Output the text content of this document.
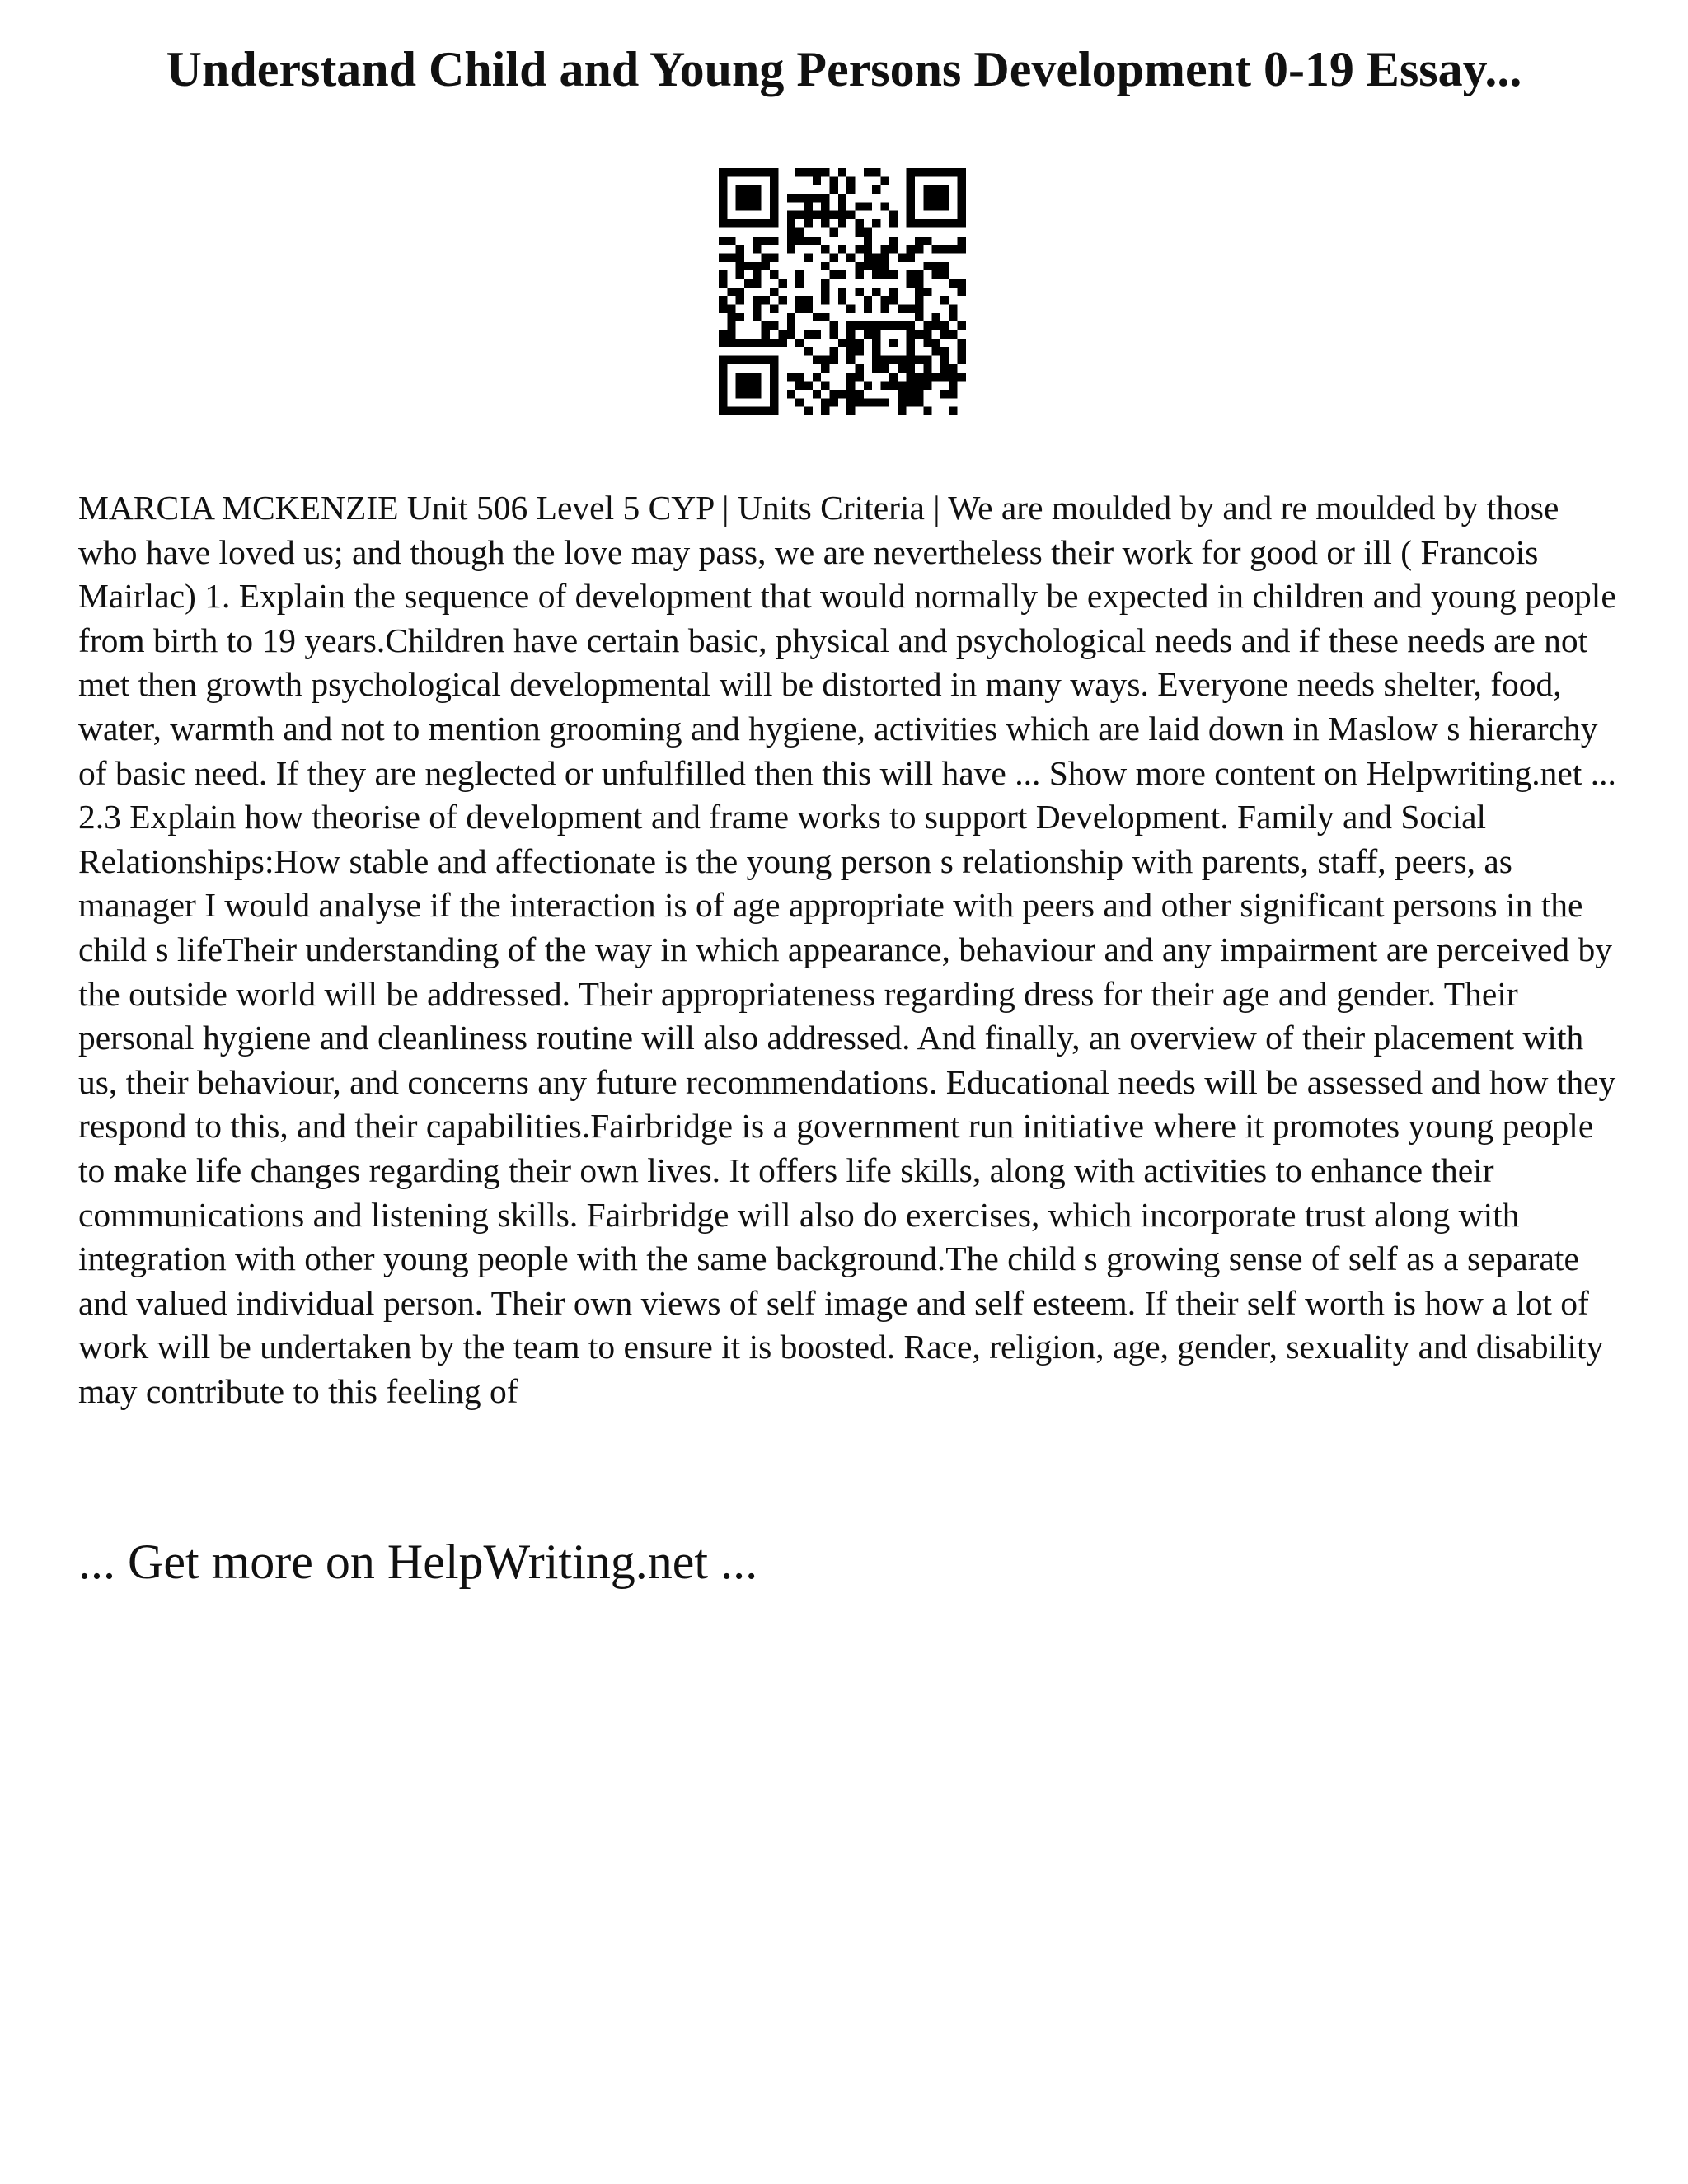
Understand Child and Young Persons Development 0-19 Essay...

MARCIA MCKENZIE Unit 506 Level 5 CYP | Units Criteria | We are moulded by and re moulded by those who have loved us; and though the love may pass, we are nevertheless their work for good or ill ( Francois Mairlac) 1. Explain the sequence of development that would normally be expected in children and young people from birth to 19 years.Children have certain basic, physical and psychological needs and if these needs are not met then growth psychological developmental will be distorted in many ways. Everyone needs shelter, food, water, warmth and not to mention grooming and hygiene, activities which are laid down in Maslow s hierarchy of basic need. If they are neglected or unfulfilled then this will have ... Show more content on Helpwriting.net ...

2.3 Explain how theorise of development and frame works to support Development. Family and Social Relationships:How stable and affectionate is the young person s relationship with parents, staff, peers, as manager I would analyse if the interaction is of age appropriate with peers and other significant persons in the child s lifeTheir understanding of the way in which appearance, behaviour and any impairment are perceived by the outside world will be addressed. Their appropriateness regarding dress for their age and gender. Their personal hygiene and cleanliness routine will also addressed. And finally, an overview of their placement with us, their behaviour, and concerns any future recommendations. Educational needs will be assessed and how they respond to this, and their capabilities.Fairbridge is a government run initiative where it promotes young people to make life changes regarding their own lives. It offers life skills, along with activities to enhance their communications and listening skills. Fairbridge will also do exercises, which incorporate trust along with integration with other young people with the same background.The child s growing sense of self as a separate and valued individual person. Their own views of self image and self esteem. If their self worth is how a lot of work will be undertaken by the team to ensure it is boosted. Race, religion, age, gender, sexuality and disability may contribute to this feeling of

... Get more on HelpWriting.net ...
